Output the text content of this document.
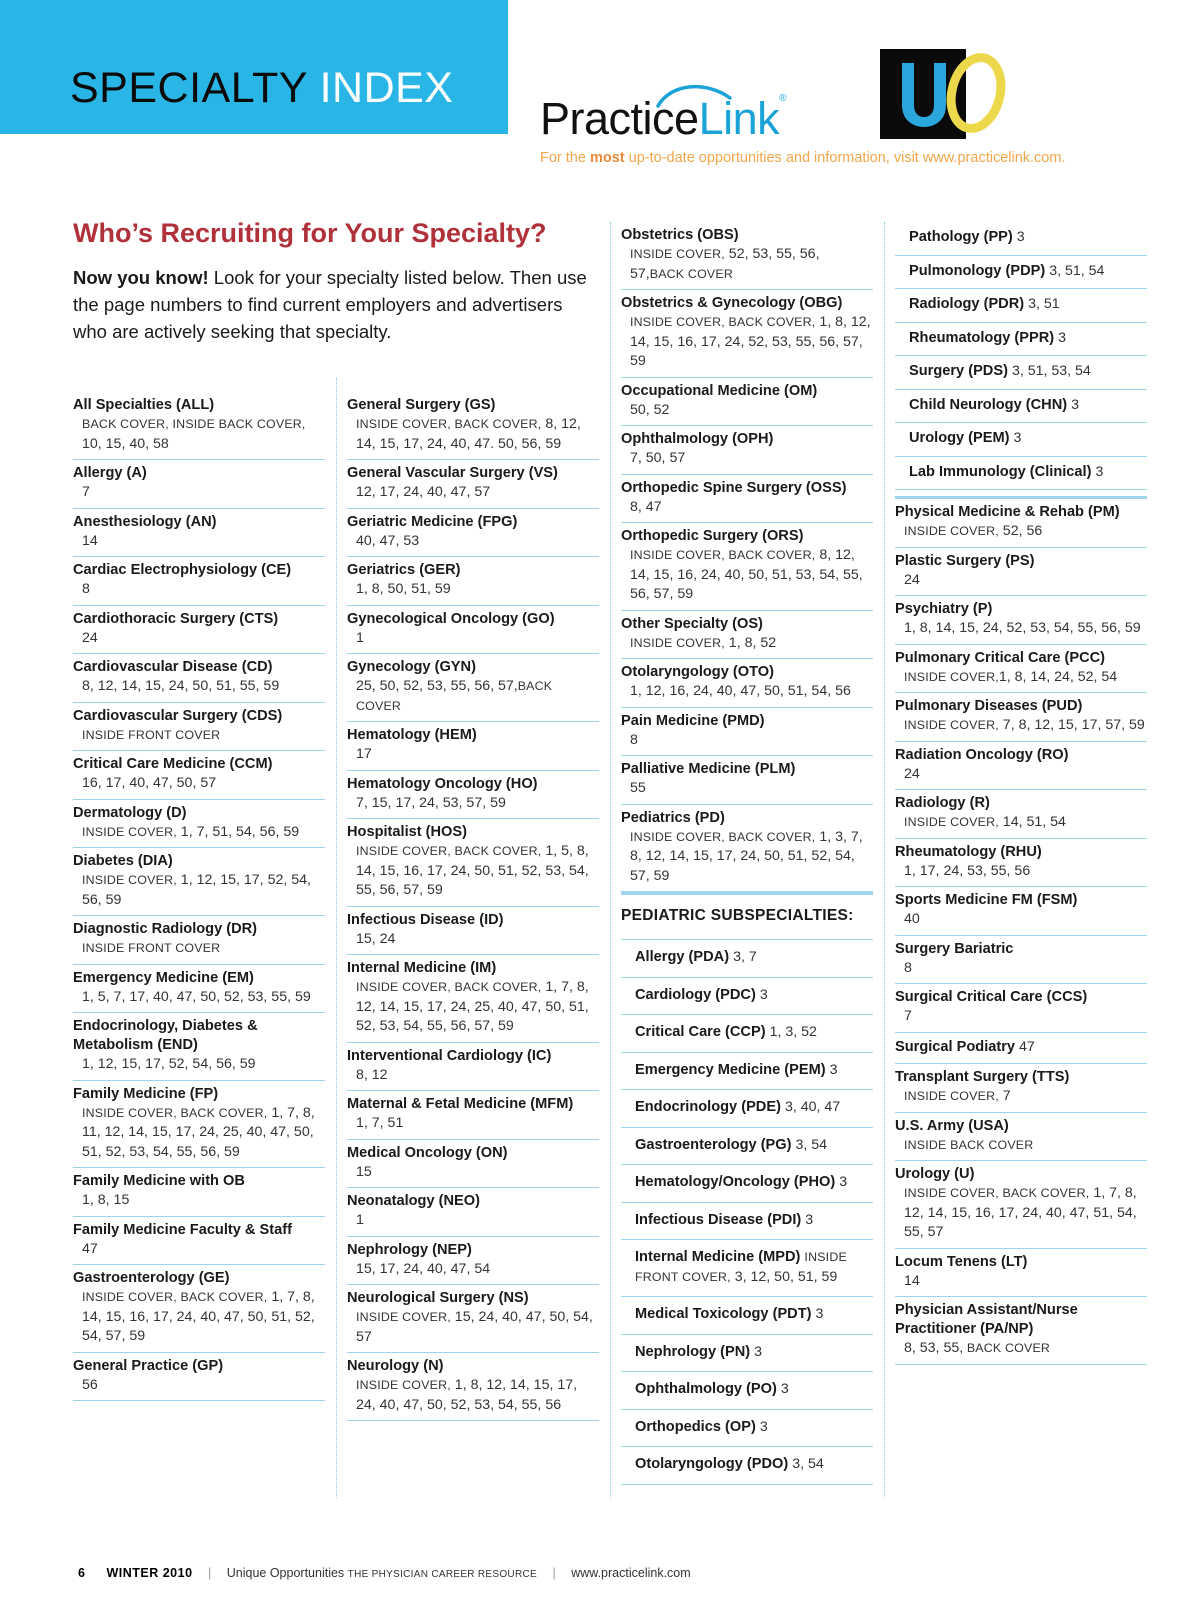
SPECIALTY INDEX
PracticeLink®
For the most up-to-date opportunities and information, visit www.practicelink.com.
Who’s Recruiting for Your Specialty?
Now you know! Look for your specialty listed below. Then use the page numbers to find current employers and advertisers who are actively seeking that specialty.
All Specialties (ALL)
BACK COVER, INSIDE BACK COVER, 10, 15, 40, 58
Allergy (A)
7
Anesthesiology (AN)
14
Cardiac Electrophysiology (CE)
8
Cardiothoracic Surgery (CTS)
24
Cardiovascular Disease (CD)
8, 12, 14, 15, 24, 50, 51, 55, 59
Cardiovascular Surgery (CDS)
INSIDE FRONT COVER
Critical Care Medicine (CCM)
16, 17, 40, 47, 50, 57
Dermatology (D)
INSIDE COVER, 1, 7, 51, 54, 56, 59
Diabetes (DIA)
INSIDE COVER, 1, 12, 15, 17, 52, 54, 56, 59
Diagnostic Radiology (DR)
INSIDE FRONT COVER
Emergency Medicine (EM)
1, 5, 7, 17, 40, 47, 50, 52, 53, 55, 59
Endocrinology, Diabetes & Metabolism (END)
1, 12, 15, 17, 52, 54, 56, 59
Family Medicine (FP)
INSIDE COVER, BACK COVER, 1, 7, 8, 11, 12, 14, 15, 17, 24, 25, 40, 47, 50, 51, 52, 53, 54, 55, 56, 59
Family Medicine with OB
1, 8, 15
Family Medicine Faculty & Staff
47
Gastroenterology (GE)
INSIDE COVER, BACK COVER, 1, 7, 8, 14, 15, 16, 17, 24, 40, 47, 50, 51, 52, 54, 57, 59
General Practice (GP)
56
General Surgery (GS)
INSIDE COVER, BACK COVER, 8, 12, 14, 15, 17, 24, 40, 47. 50, 56, 59
General Vascular Surgery (VS)
12, 17, 24, 40, 47, 57
Geriatric Medicine (FPG)
40, 47, 53
Geriatrics (GER)
1, 8, 50, 51, 59
Gynecological Oncology (GO)
1
Gynecology (GYN)
25, 50, 52, 53, 55, 56, 57,BACK COVER
Hematology (HEM)
17
Hematology Oncology (HO)
7, 15, 17, 24, 53, 57, 59
Hospitalist (HOS)
INSIDE COVER, BACK COVER, 1, 5, 8, 14, 15, 16, 17, 24, 50, 51, 52, 53, 54, 55, 56, 57, 59
Infectious Disease (ID)
15, 24
Internal Medicine (IM)
INSIDE COVER, BACK COVER, 1, 7, 8, 12, 14, 15, 17, 24, 25, 40, 47, 50, 51, 52, 53, 54, 55, 56, 57, 59
Interventional Cardiology (IC)
8, 12
Maternal & Fetal Medicine (MFM)
1, 7, 51
Medical Oncology (ON)
15
Neonatalogy (NEO)
1
Nephrology (NEP)
15, 17, 24, 40, 47, 54
Neurological Surgery (NS)
INSIDE COVER, 15, 24, 40, 47, 50, 54, 57
Neurology (N)
INSIDE COVER, 1, 8, 12, 14, 15, 17, 24, 40, 47, 50, 52, 53, 54, 55, 56
Obstetrics (OBS)
INSIDE COVER, 52, 53, 55, 56, 57,BACK COVER
Obstetrics & Gynecology (OBG)
INSIDE COVER, BACK COVER, 1, 8, 12, 14, 15, 16, 17, 24, 52, 53, 55, 56, 57, 59
Occupational Medicine (OM)
50, 52
Ophthalmology (OPH)
7, 50, 57
Orthopedic Spine Surgery (OSS)
8, 47
Orthopedic Surgery (ORS)
INSIDE COVER, BACK COVER, 8, 12, 14, 15, 16, 24, 40, 50, 51, 53, 54, 55, 56, 57, 59
Other Specialty (OS)
INSIDE COVER, 1, 8, 52
Otolaryngology (OTO)
1, 12, 16, 24, 40, 47, 50, 51, 54, 56
Pain Medicine (PMD)
8
Palliative Medicine (PLM)
55
Pediatrics (PD)
INSIDE COVER, BACK COVER, 1, 3, 7, 8, 12, 14, 15, 17, 24, 50, 51, 52, 54, 57, 59
PEDIATRIC SUBSPECIALTIES:
Allergy (PDA) 3, 7
Cardiology (PDC) 3
Critical Care (CCP) 1, 3, 52
Emergency Medicine (PEM) 3
Endocrinology (PDE) 3, 40, 47
Gastroenterology (PG) 3, 54
Hematology/Oncology (PHO) 3
Infectious Disease (PDI) 3
Internal Medicine (MPD) INSIDE FRONT COVER, 3, 12, 50, 51, 59
Medical Toxicology (PDT) 3
Nephrology (PN) 3
Ophthalmology (PO) 3
Orthopedics (OP) 3
Otolaryngology (PDO) 3, 54
Pathology (PP) 3
Pulmonology (PDP) 3, 51, 54
Radiology (PDR) 3, 51
Rheumatology (PPR) 3
Surgery (PDS) 3, 51, 53, 54
Child Neurology (CHN) 3
Urology (PEM) 3
Lab Immunology (Clinical) 3
Physical Medicine & Rehab (PM)
INSIDE COVER, 52, 56
Plastic Surgery (PS)
24
Psychiatry (P)
1, 8, 14, 15, 24, 52, 53, 54, 55, 56, 59
Pulmonary Critical Care (PCC)
INSIDE COVER,1, 8, 14, 24, 52, 54
Pulmonary Diseases (PUD)
INSIDE COVER, 7, 8, 12, 15, 17, 57, 59
Radiation Oncology (RO)
24
Radiology (R)
INSIDE COVER, 14, 51, 54
Rheumatology (RHU)
1, 17, 24, 53, 55, 56
Sports Medicine FM (FSM)
40
Surgery Bariatric
8
Surgical Critical Care (CCS)
7
Surgical Podiatry 47
Transplant Surgery (TTS)
INSIDE COVER, 7
U.S. Army (USA)
INSIDE BACK COVER
Urology (U)
INSIDE COVER, BACK COVER, 1, 7, 8, 12, 14, 15, 16, 17, 24, 40, 47, 51, 54, 55, 57
Locum Tenens (LT)
14
Physician Assistant/Nurse Practitioner (PA/NP)
8, 53, 55, BACK COVER
6 WINTER 2010 | Unique Opportunities THE PHYSICIAN CAREER RESOURCE | www.practicelink.com
